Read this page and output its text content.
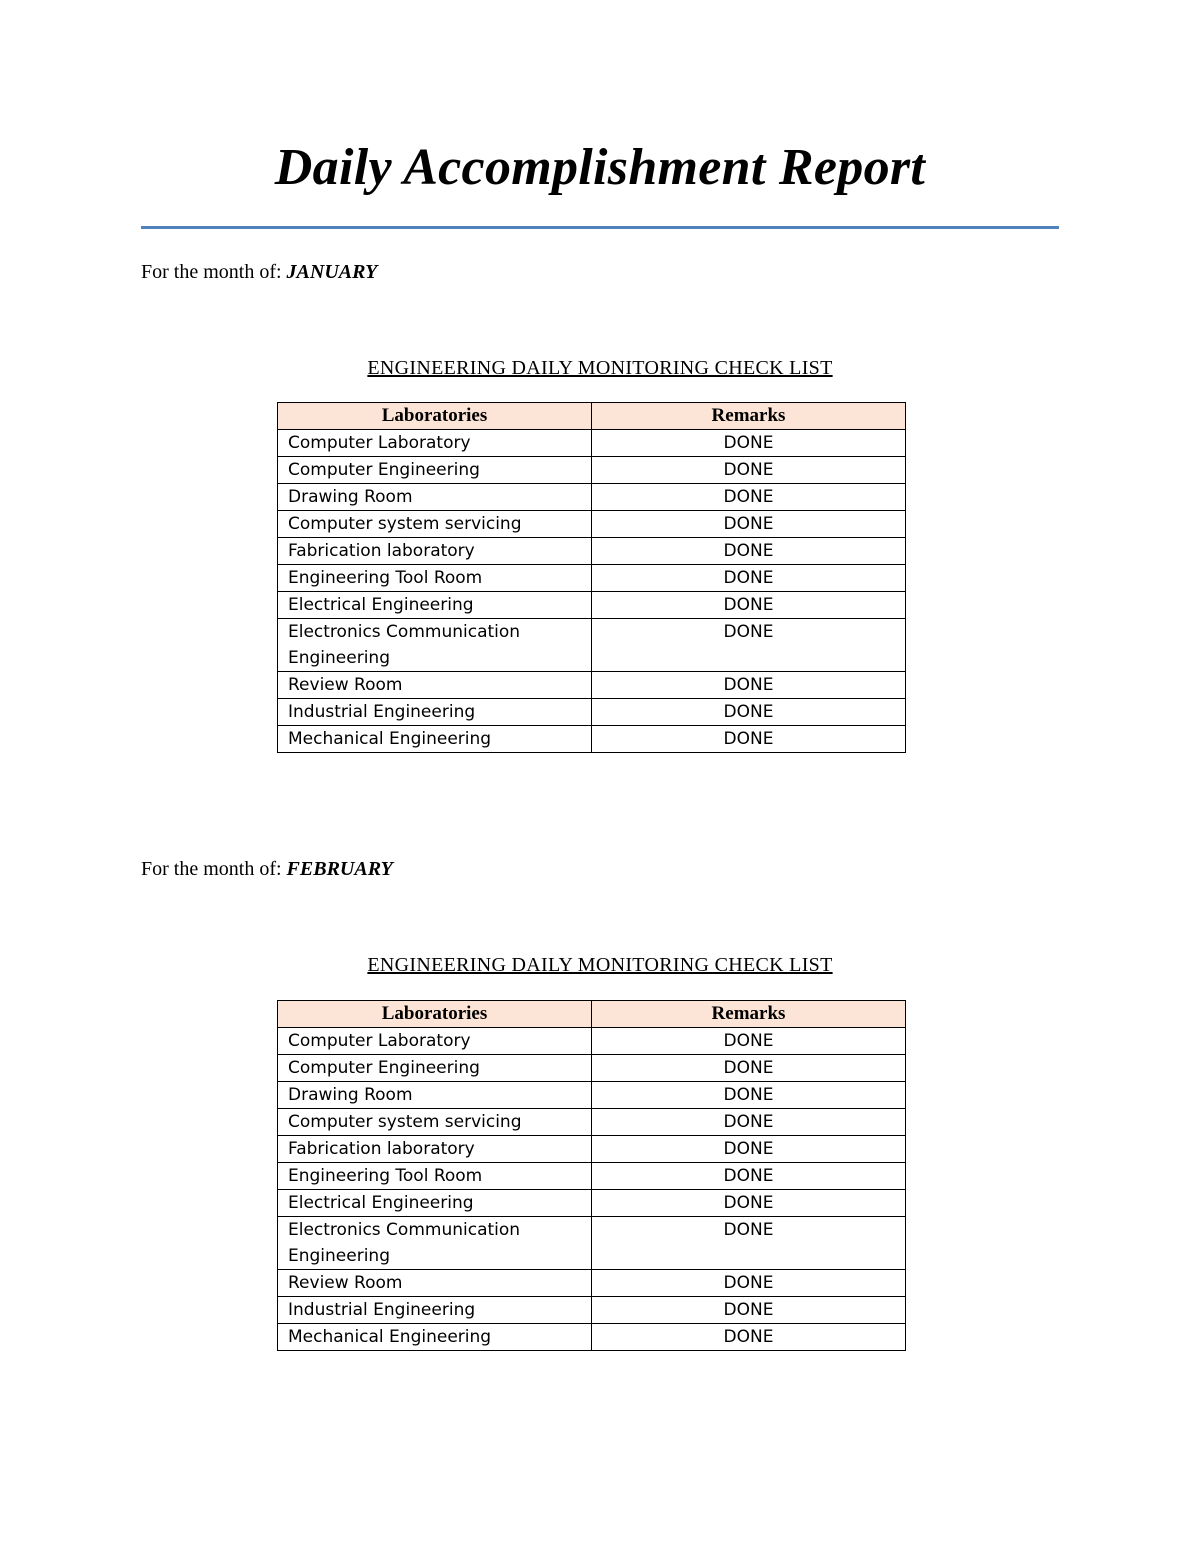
Daily Accomplishment Report
For the month of: JANUARY
ENGINEERING DAILY MONITORING CHECK LIST
Laboratories	Remarks
Computer Laboratory	DONE
Computer Engineering	DONE
Drawing Room	DONE
Computer system servicing	DONE
Fabrication laboratory	DONE
Engineering Tool Room	DONE
Electrical Engineering	DONE
Electronics Communication Engineering	DONE
Review Room	DONE
Industrial Engineering	DONE
Mechanical Engineering	DONE
For the month of: FEBRUARY
ENGINEERING DAILY MONITORING CHECK LIST
Laboratories	Remarks
Computer Laboratory	DONE
Computer Engineering	DONE
Drawing Room	DONE
Computer system servicing	DONE
Fabrication laboratory	DONE
Engineering Tool Room	DONE
Electrical Engineering	DONE
Electronics Communication Engineering	DONE
Review Room	DONE
Industrial Engineering	DONE
Mechanical Engineering	DONE
